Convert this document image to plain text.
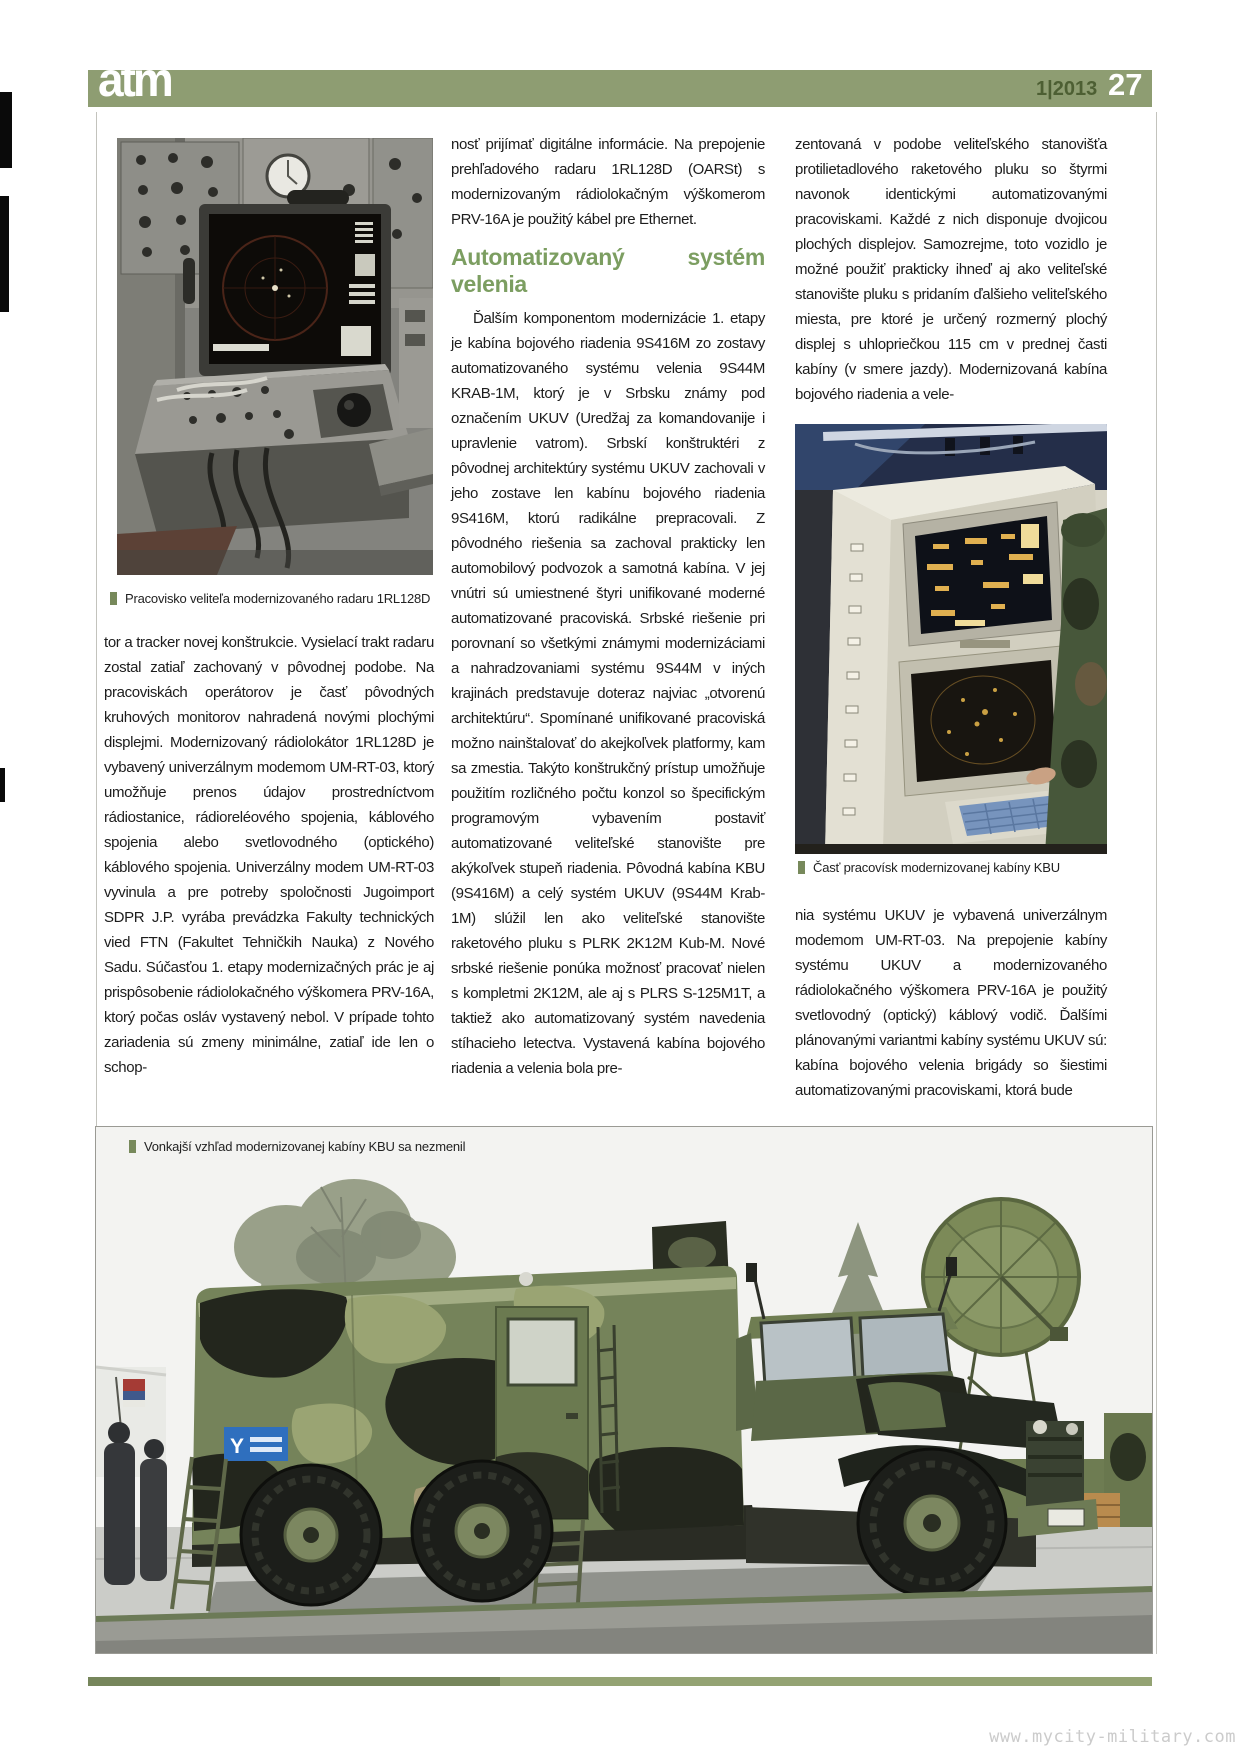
atm	1|2013 27
Pracovisko veliteľa modernizovaného radaru 1RL128D

tor a tracker novej konštrukcie. Vysielací trakt radaru zostal zatiaľ zachovaný v pôvodnej podobe. Na pracoviskách operátorov je časť pôvodných kruhových monitorov nahradená novými plochými displejmi. Modernizovaný rádiolokátor 1RL128D je vybavený univerzálnym modemom UM-RT-03, ktorý umožňuje prenos údajov prostredníctvom rádiostanice, rádioreléového spojenia, káblového spojenia alebo svetlovodného (optického) káblového spojenia. Univerzálny modem UM-RT-03 vyvinula a pre potreby spoločnosti Jugoimport SDPR J.P. vyrába prevádzka Fakulty technických vied FTN (Fakultet Tehničkih Nauka) z Nového Sadu. Súčasťou 1. etapy modernizačných prác je aj prispôsobenie rádiolokačného výškomera PRV-16A, ktorý počas osláv vystavený nebol. V prípade tohto zariadenia sú zmeny minimálne, zatiaľ ide len o schop-

nosť prijímať digitálne informácie. Na prepojenie prehľadového radaru 1RL128D (OARSt) s modernizovaným rádiolokačným výškomerom PRV-16A je použitý kábel pre Ethernet.

Automatizovaný systém velenia

Ďalším komponentom modernizácie 1. etapy je kabína bojového riadenia 9S416M zo zostavy automatizovaného systému velenia 9S44M KRAB-1M, ktorý je v Srbsku známy pod označením UKUV (Uredžaj za komandovanije i upravlenie vatrom). Srbskí konštruktéri z pôvodnej architektúry systému UKUV zachovali v jeho zostave len kabínu bojového riadenia 9S416M, ktorú radikálne prepracovali. Z pôvodného riešenia sa zachoval prakticky len automobilový podvozok a samotná kabína. V jej vnútri sú umiestnené štyri unifikované moderné automatizované pracoviská. Srbské riešenie pri porovnaní so všetkými známymi modernizáciami a nahradzovaniami systému 9S44M v iných krajinách predstavuje doteraz najviac „otvorenú architektúru“. Spomínané unifikované pracoviská možno nainštalovať do akejkoľvek platformy, kam sa zmestia. Takýto konštrukčný prístup umožňuje použitím rozličného počtu konzol so špecifickým programovým vybavením postaviť automatizované veliteľské stanovište pre akýkoľvek stupeň riadenia. Pôvodná kabína KBU (9S416M) a celý systém UKUV (9S44M Krab-1M) slúžil len ako veliteľské stanovište raketového pluku s PLRK 2K12M Kub-M. Nové srbské riešenie ponúka možnosť pracovať nielen s kompletmi 2K12M, ale aj s PLRS S-125M1T, a taktiež ako automatizovaný systém navedenia stíhacieho letectva. Vystavená kabína bojového riadenia a velenia bola pre-

zentovaná v podobe veliteľského stanovišťa protilietadlového raketového pluku so štyrmi navonok identickými automatizovanými pracoviskami. Každé z nich disponuje dvojicou plochých displejov. Samozrejme, toto vozidlo je možné použiť prakticky ihneď aj ako veliteľské stanovište pluku s pridaním ďalšieho veliteľského miesta, pre ktoré je určený rozmerný plochý displej s uhlopriečkou 115 cm v prednej časti kabíny (v smere jazdy). Modernizovaná kabína bojového riadenia a vele-

Časť pracovísk modernizovanej kabíny KBU

nia systému UKUV je vybavená univerzálnym modemom UM-RT-03. Na prepojenie kabíny systému UKUV a modernizovaného rádiolokačného výškomera PRV-16A je použitý svetlovodný (optický) káblový vodič. Ďalšími plánovanými variantmi kabíny systému UKUV sú: kabína bojového velenia brigády so šiestimi automatizovanými pracoviskami, ktorá bude

Y
Vonkajší vzhľad modernizovanej kabíny KBU sa nezmenil
www.mycity-military.com
